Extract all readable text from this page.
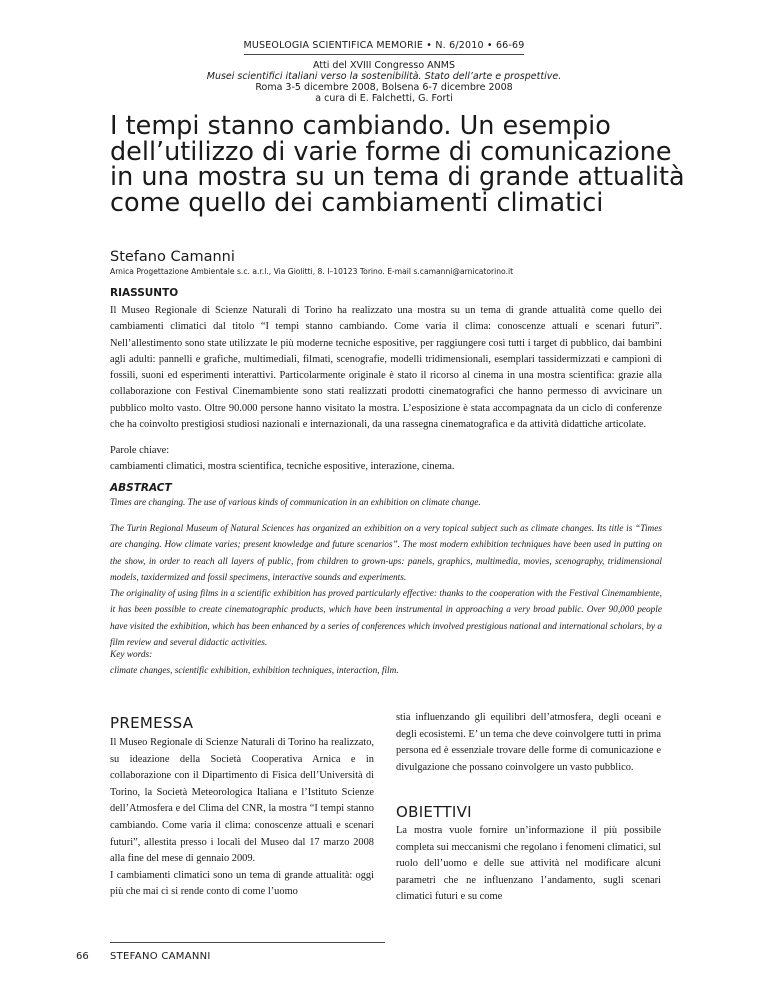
MUSEOLOGIA SCIENTIFICA MEMORIE • N. 6/2010 • 66-69
Atti del XVIII Congresso ANMS
Musei scientifici italiani verso la sostenibilità. Stato dell’arte e prospettive.
Roma 3-5 dicembre 2008, Bolsena 6-7 dicembre 2008
a cura di E. Falchetti, G. Forti
I tempi stanno cambiando. Un esempio
dell’utilizzo di varie forme di comunicazione
in una mostra su un tema di grande attualità
come quello dei cambiamenti climatici
Stefano Camanni
Arnica Progettazione Ambientale s.c. a.r.l., Via Giolitti, 8. I–10123 Torino. E-mail s.camanni@arnicatorino.it
RIASSUNTO

Il Museo Regionale di Scienze Naturali di Torino ha realizzato una mostra su un tema di grande attualità come quello dei cambiamenti climatici dal titolo “I tempi stanno cambiando. Come varia il clima: conoscenze attuali e scenari futuri”. Nell’allestimento sono state utilizzate le più moderne tecniche espositive, per raggiungere così tutti i target di pubblico, dai bambini agli adulti: pannelli e grafiche, multimediali, filmati, scenografie, modelli tridimensionali, esemplari tassidermizzati e campioni di fossili, suoni ed esperimenti interattivi. Particolarmente originale è stato il ricorso al cinema in una mostra scientifica: grazie alla collaborazione con Festival Cinemambiente sono stati realizzati prodotti cinematografici che hanno permesso di avvicinare un pubblico molto vasto. Oltre 90.000 persone hanno visitato la mostra. L’esposizione è stata accompagnata da un ciclo di conferenze che ha coinvolto prestigiosi studiosi nazionali e internazionali, da una rassegna cinematografica e da attività didattiche articolate.

Parole chiave:
cambiamenti climatici, mostra scientifica, tecniche espositive, interazione, cinema.
ABSTRACT
Times are changing. The use of various kinds of communication in an exhibition on climate change.

The Turin Regional Museum of Natural Sciences has organized an exhibition on a very topical subject such as climate changes. Its title is “Times are changing. How climate varies; present knowledge and future scenarios”. The most modern exhibition techniques have been used in putting on the show, in order to reach all layers of public, from children to grown-ups: panels, graphics, multimedia, movies, scenography, tridimensional models, taxidermized and fossil specimens, interactive sounds and experiments.

The originality of using films in a scientific exhibition has proved particularly effective: thanks to the cooperation with the Festival Cinemambiente, it has been possible to create cinematographic products, which have been instrumental in approaching a very broad public. Over 90,000 people have visited the exhibition, which has been enhanced by a series of conferences which involved prestigious national and international scholars, by a film review and several didactic activities.

Key words:
climate changes, scientific exhibition, exhibition techniques, interaction, film.
PREMESSA

Il Museo Regionale di Scienze Naturali di Torino ha realizzato, su ideazione della Società Cooperativa Arnica e in collaborazione con il Dipartimento di Fisica dell’Università di Torino, la Società Meteorologica Italiana e l’Istituto Scienze dell’Atmosfera e del Clima del CNR, la mostra “I tempi stanno cambiando. Come varia il clima: conoscenze attuali e scenari futuri”, allestita presso i locali del Museo dal 17 marzo 2008 alla fine del mese di gennaio 2009.

I cambiamenti climatici sono un tema di grande attualità: oggi più che mai ci si rende conto di come l’uomo

stia influenzando gli equilibri dell’atmosfera, degli oceani e degli ecosistemi. E’ un tema che deve coinvolgere tutti in prima persona ed è essenziale trovare delle forme di comunicazione e divulgazione che possano coinvolgere un vasto pubblico.

OBIETTIVI

La mostra vuole fornire un’informazione il più possibile completa sui meccanismi che regolano i fenomeni climatici, sul ruolo dell’uomo e delle sue attività nel modificare alcuni parametri che ne influenzano l’andamento, sugli scenari climatici futuri e su come

66 STEFANO CAMANNI
